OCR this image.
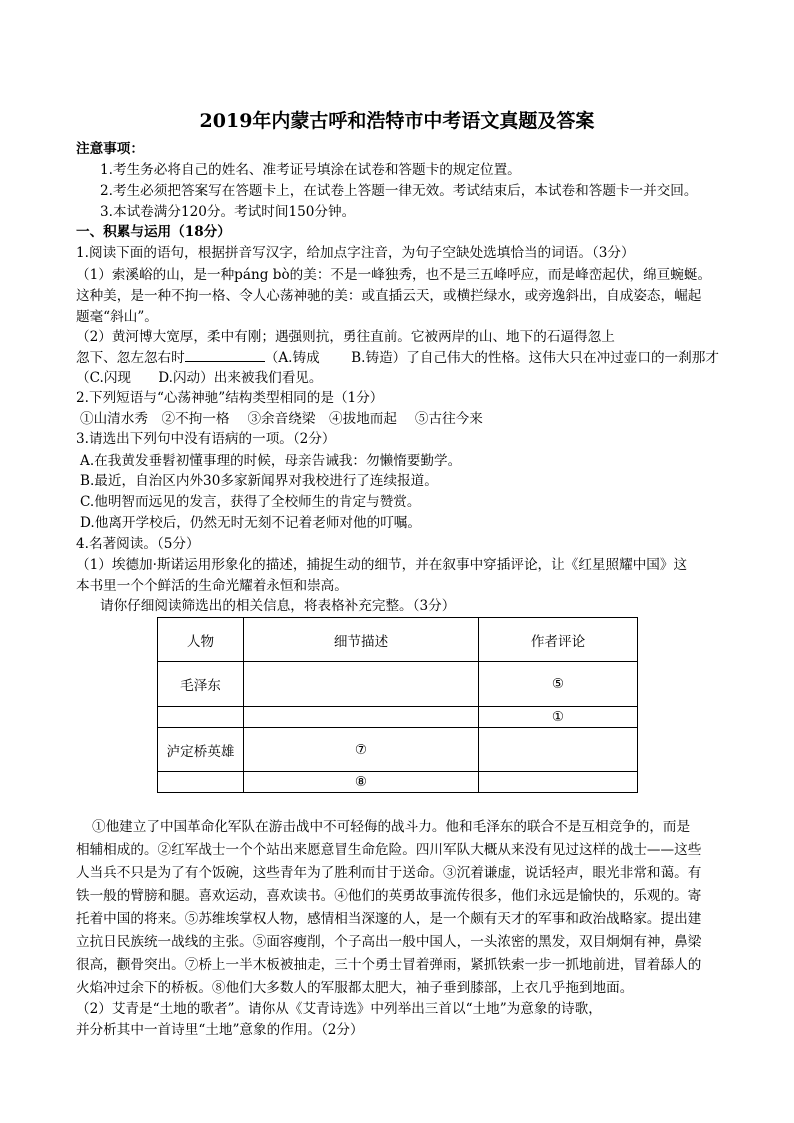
2019年内蒙古呼和浩特市中考语文真题及答案
注意事项：
1.考生务必将自己的姓名、准考证号填涂在试卷和答题卡的规定位置。
2.考生必须把答案写在答题卡上，在试卷上答题一律无效。考试结束后，本试卷和答题卡一并交回。
3.本试卷满分120分。考试时间150分钟。
一、积累与运用（18分）
1.阅读下面的语句，根据拼音写汉字，给加点字注音，为句子空缺处选填恰当的词语。（3分）
（1）索溪峪的山，是一种páng bò的美：不是一峰独秀，也不是三五峰呼应，而是峰峦起伏，绵亘蜿蜒。
这种美，是一种不拘一格、令人心荡神驰的美：或直插云天，或横拦绿水，或旁逸斜出，自成姿态，崛起
题毫“斜山”。
（2）黄河博大宽厚，柔中有刚；遇强则抗，勇往直前。它被两岸的山、地下的石逼得忽上
忽下、忽左忽右时	（A.铸成　　 B.铸造）了自己伟大的性格。这伟大只在冲过壶口的一刹那才
（C.闪现　　D.闪动）出来被我们看见。
2.下列短语与“心荡神驰”结构类型相同的是（1分）
①山清水秀　②不拘一格　 ③余音绕梁　④拔地而起　 ⑤古往今来
3.请选出下列句中没有语病的一项。（2分）
A.在我黄发垂髫初懂事理的时候，母亲告诫我：勿懒惰要勤学。
B.最近，自治区内外30多家新闻界对我校进行了连续报道。
C.他明智而远见的发言，获得了全校师生的肯定与赞赏。
D.他离开学校后，仍然无时无刻不记着老师对他的叮嘱。
4.名著阅读。（5分）
（1）埃德加·斯诺运用形象化的描述，捕捉生动的细节，并在叙事中穿插评论，让《红星照耀中国》这
本书里一个个鲜活的生命光耀着永恒和崇高。
请你仔细阅读筛选出的相关信息，将表格补充完整。（3分）
人物	细节描述	作者评论
毛泽东		⑤
		①
泸定桥英雄	⑦	
	⑧	
①他建立了中国革命化军队在游击战中不可轻侮的战斗力。他和毛泽东的联合不是互相竞争的，而是
相辅相成的。②红军战士一个个站出来愿意冒生命危险。四川军队大概从来没有见过这样的战士——这些
人当兵不只是为了有个饭碗，这些青年为了胜利而甘于送命。③沉着谦虚，说话轻声，眼光非常和蔼。有
铁一般的臂膀和腿。喜欢运动，喜欢读书。④他们的英勇故事流传很多，他们永远是愉快的，乐观的。寄
托着中国的将来。⑤苏维埃掌权人物，感情相当深邃的人，是一个颇有天才的军事和政治战略家。提出建
立抗日民族统一战线的主张。⑤面容瘦削，个子高出一般中国人，一头浓密的黑发，双目炯炯有神，鼻梁
很高，颧骨突出。⑦桥上一半木板被抽走，三十个勇士冒着弹雨，紧抓铁索一步一抓地前进，冒着舔人的
火焰冲过余下的桥板。⑧他们大多数人的军服都太肥大，袖子垂到膝部，上衣几乎拖到地面。
（2）艾青是“土地的歌者”。请你从《艾青诗选》中列举出三首以“土地”为意象的诗歌，
并分析其中一首诗里“土地”意象的作用。（2分）
